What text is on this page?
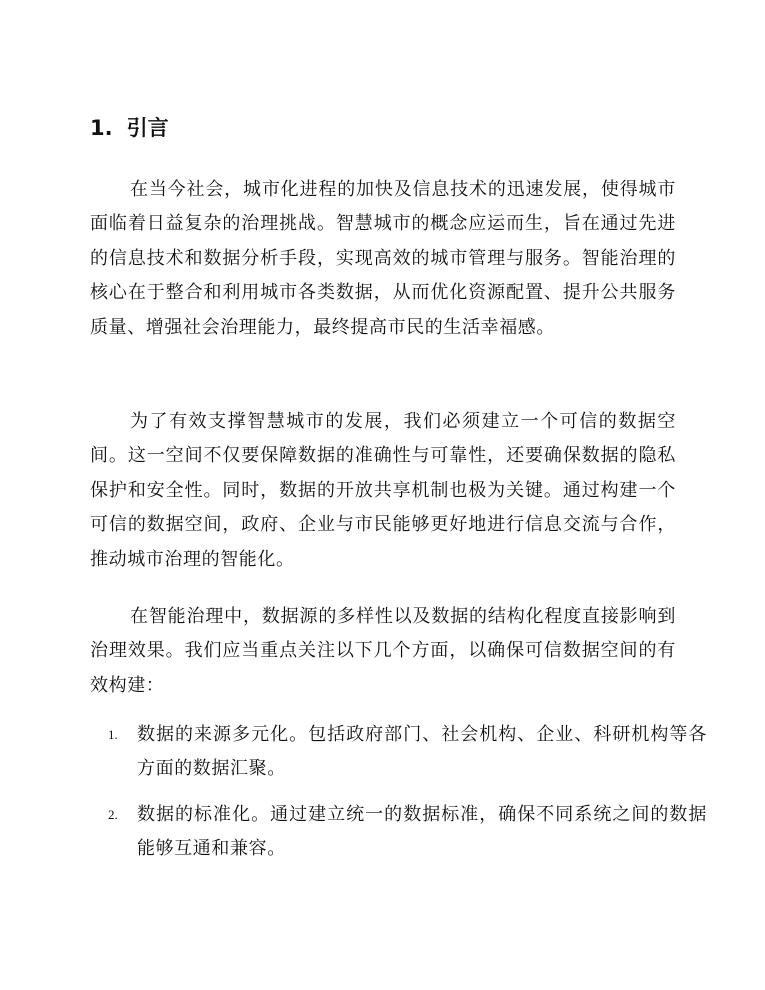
1. 引言

在当今社会，城市化进程的加快及信息技术的迅速发展，使得城市面临着日益复杂的治理挑战。智慧城市的概念应运而生，旨在通过先进的信息技术和数据分析手段，实现高效的城市管理与服务。智能治理的核心在于整合和利用城市各类数据，从而优化资源配置、提升公共服务质量、增强社会治理能力，最终提高市民的生活幸福感。

为了有效支撑智慧城市的发展，我们必须建立一个可信的数据空间。这一空间不仅要保障数据的准确性与可靠性，还要确保数据的隐私保护和安全性。同时，数据的开放共享机制也极为关键。通过构建一个可信的数据空间，政府、企业与市民能够更好地进行信息交流与合作，推动城市治理的智能化。

在智能治理中，数据源的多样性以及数据的结构化程度直接影响到治理效果。我们应当重点关注以下几个方面，以确保可信数据空间的有效构建：

1. 数据的来源多元化。包括政府部门、社会机构、企业、科研机构等各方面的数据汇聚。
2. 数据的标准化。通过建立统一的数据标准，确保不同系统之间的数据能够互通和兼容。
